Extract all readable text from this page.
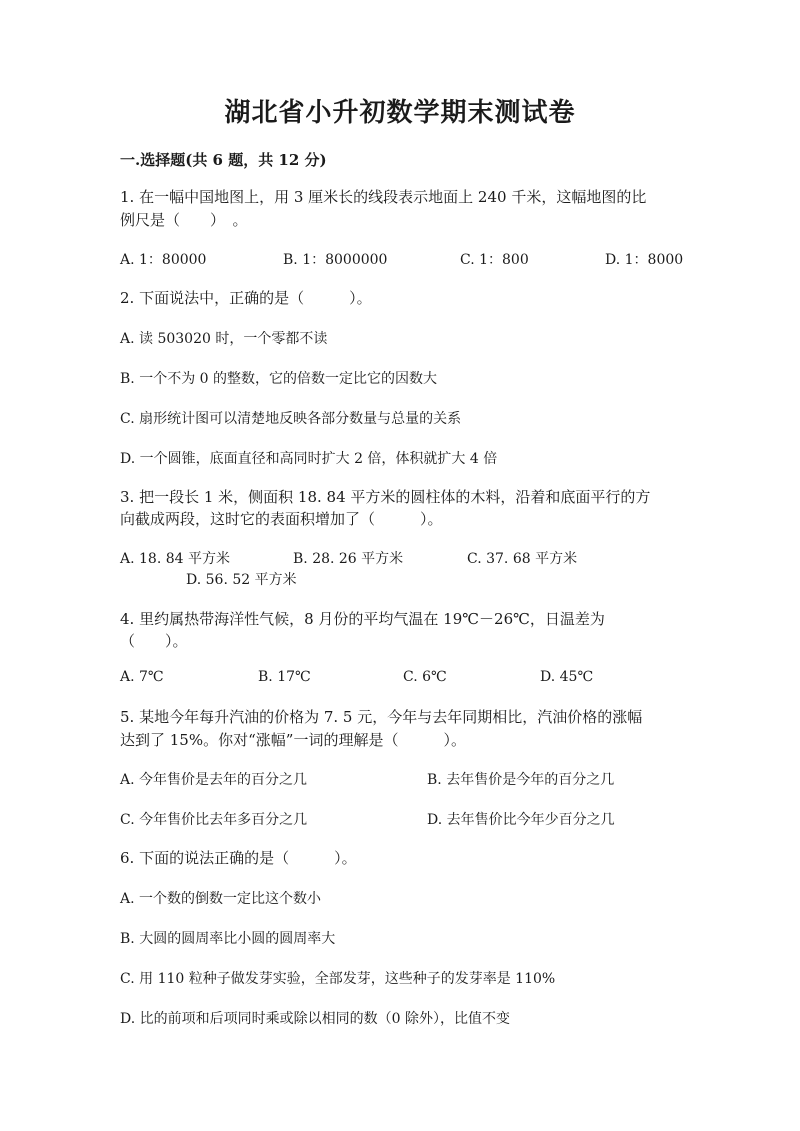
湖北省小升初数学期末测试卷
一.选择题(共 6 题，共 12 分)
1. 在一幅中国地图上，用 3 厘米长的线段表示地面上 240 千米，这幅地图的比
例尺是（　　）　。
A. 1：80000	B. 1：8000000	C. 1：800	D. 1：8000
2. 下面说法中，正确的是（　　　）。
A. 读 503020 时，一个零都不读
B. 一个不为 0 的整数，它的倍数一定比它的因数大
C. 扇形统计图可以清楚地反映各部分数量与总量的关系
D. 一个圆锥，底面直径和高同时扩大 2 倍，体积就扩大 4 倍
3. 把一段长 1 米，侧面积 18. 84 平方米的圆柱体的木料，沿着和底面平行的方
向截成两段，这时它的表面积增加了（　　　）。
A. 18. 84 平方米	B. 28. 26 平方米	C. 37. 68 平方米
D. 56. 52 平方米
4. 里约属热带海洋性气候，8 月份的平均气温在 19℃－26℃，日温差为
（　　）。
A. 7℃	B. 17℃	C. 6℃	D. 45℃
5. 某地今年每升汽油的价格为 7. 5 元，今年与去年同期相比，汽油价格的涨幅
达到了 15%。你对“涨幅”一词的理解是（　　　）。
A. 今年售价是去年的百分之几	B. 去年售价是今年的百分之几
C. 今年售价比去年多百分之几	D. 去年售价比今年少百分之几
6. 下面的说法正确的是（　　　）。
A. 一个数的倒数一定比这个数小
B. 大圆的圆周率比小圆的圆周率大
C. 用 110 粒种子做发芽实验，全部发芽，这些种子的发芽率是 110%
D. 比的前项和后项同时乘或除以相同的数（0 除外），比值不变
